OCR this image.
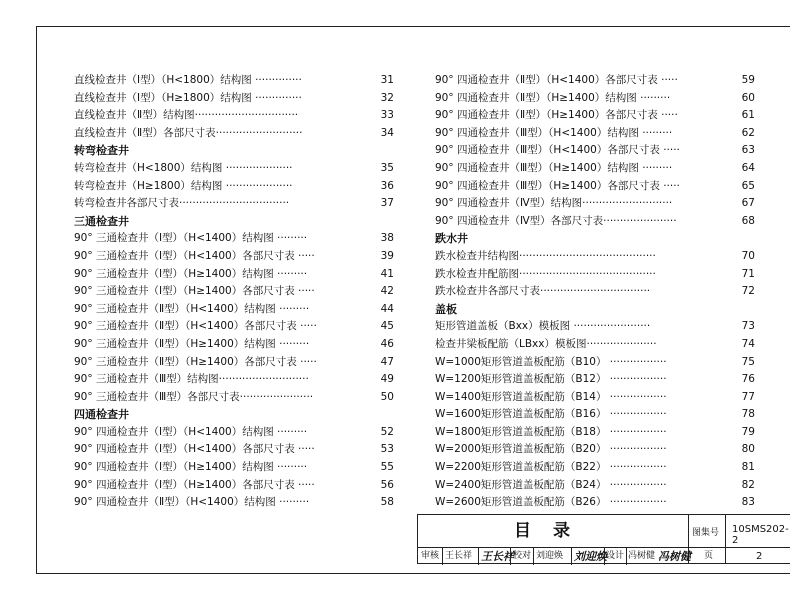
直线检查井（Ⅰ型）（H<1800）结构图 ··············	31
直线检查井（Ⅰ型）（H≥1800）结构图 ··············	32
直线检查井（Ⅱ型）结构图·······························	33
直线检查井（Ⅱ型）各部尺寸表··························	34
转弯检查井
转弯检查井（H<1800）结构图 ····················	35
转弯检查井（H≥1800）结构图 ····················	36
转弯检查井各部尺寸表·································	37
三通检查井
90° 三通检查井（Ⅰ型）（H<1400）结构图 ·········	38
90° 三通检查井（Ⅰ型）（H<1400）各部尺寸表 ·····	39
90° 三通检查井（Ⅰ型）（H≥1400）结构图 ·········	41
90° 三通检查井（Ⅰ型）（H≥1400）各部尺寸表 ·····	42
90° 三通检查井（Ⅱ型）（H<1400）结构图 ·········	44
90° 三通检查井（Ⅱ型）（H<1400）各部尺寸表 ·····	45
90° 三通检查井（Ⅱ型）（H≥1400）结构图 ·········	46
90° 三通检查井（Ⅱ型）（H≥1400）各部尺寸表 ·····	47
90° 三通检查井（Ⅲ型）结构图···························	49
90° 三通检查井（Ⅲ型）各部尺寸表······················	50
四通检查井
90° 四通检查井（Ⅰ型）（H<1400）结构图 ·········	52
90° 四通检查井（Ⅰ型）（H<1400）各部尺寸表 ·····	53
90° 四通检查井（Ⅰ型）（H≥1400）结构图 ·········	55
90° 四通检查井（Ⅰ型）（H≥1400）各部尺寸表 ·····	56
90° 四通检查井（Ⅱ型）（H<1400）结构图 ·········	58
90° 四通检查井（Ⅱ型）（H<1400）各部尺寸表 ·····	59
90° 四通检查井（Ⅱ型）（H≥1400）结构图 ·········	60
90° 四通检查井（Ⅱ型）（H≥1400）各部尺寸表 ·····	61
90° 四通检查井（Ⅲ型）（H<1400）结构图 ·········	62
90° 四通检查井（Ⅲ型）（H<1400）各部尺寸表 ·····	63
90° 四通检查井（Ⅲ型）（H≥1400）结构图 ·········	64
90° 四通检查井（Ⅲ型）（H≥1400）各部尺寸表 ·····	65
90° 四通检查井（Ⅳ型）结构图···························	67
90° 四通检查井（Ⅳ型）各部尺寸表······················	68
跌水井
跌水检查井结构图·········································	70
跌水检查井配筋图·········································	71
跌水检查井各部尺寸表·································	72
盖板
矩形管道盖板（Bxx）模板图 ·······················	73
检查井梁板配筋（LBxx）模板图·····················	74
W=1000矩形管道盖板配筋（B10） ·················	75
W=1200矩形管道盖板配筋（B12） ·················	76
W=1400矩形管道盖板配筋（B14） ·················	77
W=1600矩形管道盖板配筋（B16） ·················	78
W=1800矩形管道盖板配筋（B18） ·················	79
W=2000矩形管道盖板配筋（B20） ·················	80
W=2200矩形管道盖板配筋（B22） ·················	81
W=2400矩形管道盖板配筋（B24） ·················	82
W=2600矩形管道盖板配筋（B26） ·················	83
目录	图集号 10SMS202-2
审核 王长祥 王长祥 校对 刘迎焕 刘迎焕 设计 冯树健 冯树健 页	2
